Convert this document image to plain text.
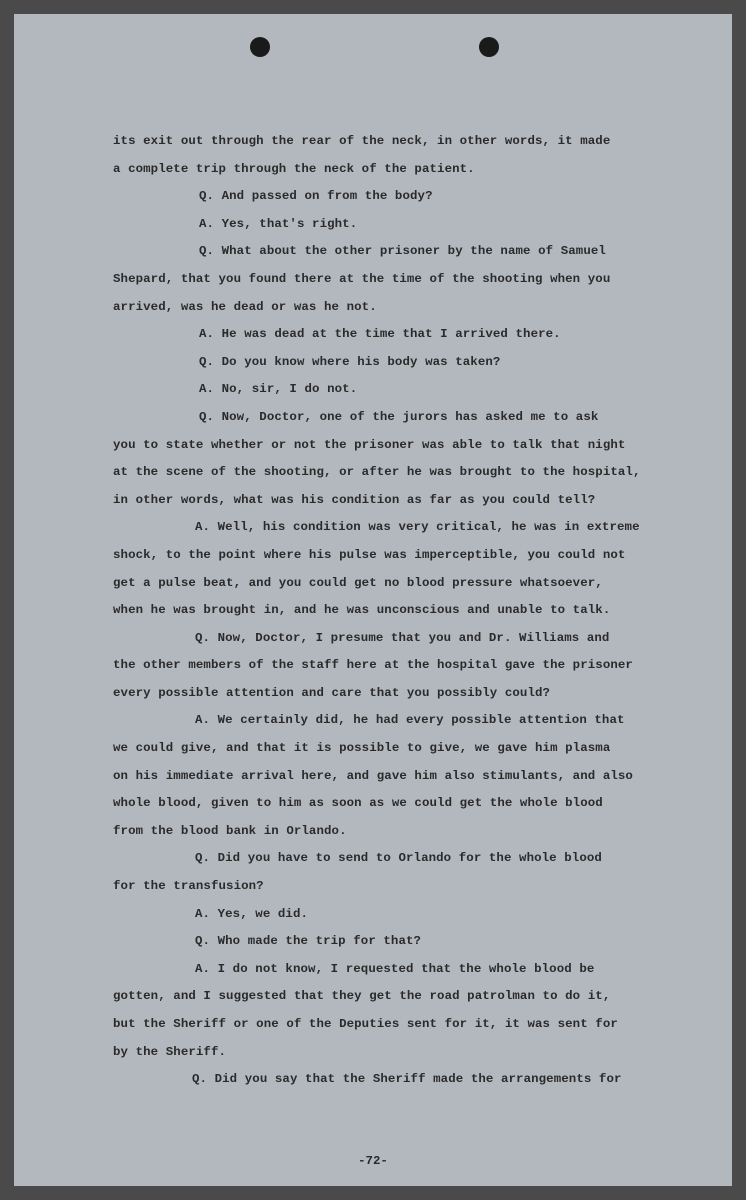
its exit out through the rear of the neck, in other words, it made
a complete trip through the neck of the patient.
Q. And passed on from the body?
A. Yes, that's right.
Q. What about the other prisoner by the name of Samuel
Shepard, that you found there at the time of the shooting when you
arrived, was he dead or was he not.
A. He was dead at the time that I arrived there.
Q. Do you know where his body was taken?
A. No, sir, I do not.
Q. Now, Doctor, one of the jurors has asked me to ask
you to state whether or not the prisoner was able to talk that night
at the scene of the shooting, or after he was brought to the hospital,
in other words, what was his condition as far as you could tell?
A. Well, his condition was very critical, he was in extreme
shock, to the point where his pulse was imperceptible, you could not
get a pulse beat, and you could get no blood pressure whatsoever,
when he was brought in, and he was unconscious and unable to talk.
Q. Now, Doctor, I presume that you and Dr. Williams and
the other members of the staff here at the hospital gave the prisoner
every possible attention and care that you possibly could?
A. We certainly did, he had every possible attention that
we could give, and that it is possible to give, we gave him plasma
on his immediate arrival here, and gave him also stimulants, and also
whole blood, given to him as soon as we could get the whole blood
from the blood bank in Orlando.
Q. Did you have to send to Orlando for the whole blood
for the transfusion?
A. Yes, we did.
Q. Who made the trip for that?
A. I do not know, I requested that the whole blood be
gotten, and I suggested that they get the road patrolman to do it,
but the Sheriff or one of the Deputies sent for it, it was sent for
by the Sheriff.
Q. Did you say that the Sheriff made the arrangements for
-72-
